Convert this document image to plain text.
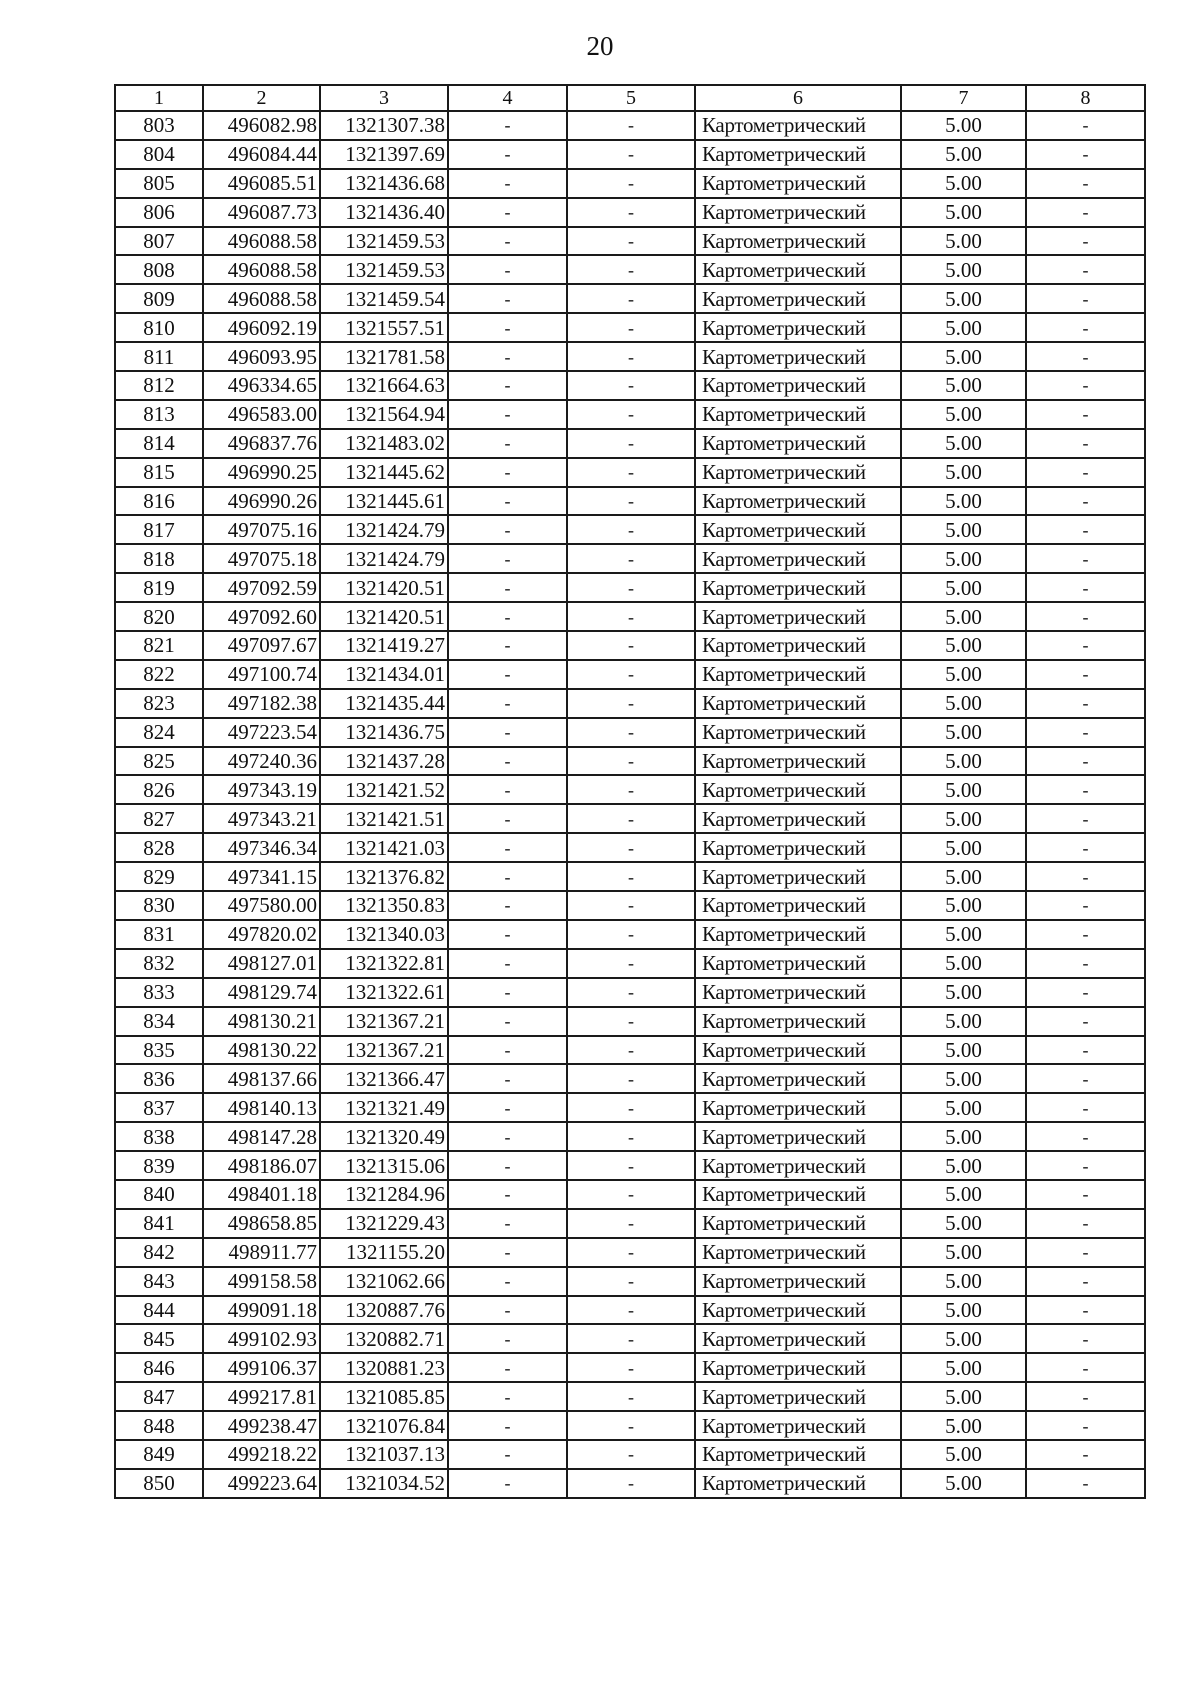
20
1	2	3	4	5	6	7	8
803	496082.98	1321307.38	-	-	Картометрический	5.00	-
804	496084.44	1321397.69	-	-	Картометрический	5.00	-
805	496085.51	1321436.68	-	-	Картометрический	5.00	-
806	496087.73	1321436.40	-	-	Картометрический	5.00	-
807	496088.58	1321459.53	-	-	Картометрический	5.00	-
808	496088.58	1321459.53	-	-	Картометрический	5.00	-
809	496088.58	1321459.54	-	-	Картометрический	5.00	-
810	496092.19	1321557.51	-	-	Картометрический	5.00	-
811	496093.95	1321781.58	-	-	Картометрический	5.00	-
812	496334.65	1321664.63	-	-	Картометрический	5.00	-
813	496583.00	1321564.94	-	-	Картометрический	5.00	-
814	496837.76	1321483.02	-	-	Картометрический	5.00	-
815	496990.25	1321445.62	-	-	Картометрический	5.00	-
816	496990.26	1321445.61	-	-	Картометрический	5.00	-
817	497075.16	1321424.79	-	-	Картометрический	5.00	-
818	497075.18	1321424.79	-	-	Картометрический	5.00	-
819	497092.59	1321420.51	-	-	Картометрический	5.00	-
820	497092.60	1321420.51	-	-	Картометрический	5.00	-
821	497097.67	1321419.27	-	-	Картометрический	5.00	-
822	497100.74	1321434.01	-	-	Картометрический	5.00	-
823	497182.38	1321435.44	-	-	Картометрический	5.00	-
824	497223.54	1321436.75	-	-	Картометрический	5.00	-
825	497240.36	1321437.28	-	-	Картометрический	5.00	-
826	497343.19	1321421.52	-	-	Картометрический	5.00	-
827	497343.21	1321421.51	-	-	Картометрический	5.00	-
828	497346.34	1321421.03	-	-	Картометрический	5.00	-
829	497341.15	1321376.82	-	-	Картометрический	5.00	-
830	497580.00	1321350.83	-	-	Картометрический	5.00	-
831	497820.02	1321340.03	-	-	Картометрический	5.00	-
832	498127.01	1321322.81	-	-	Картометрический	5.00	-
833	498129.74	1321322.61	-	-	Картометрический	5.00	-
834	498130.21	1321367.21	-	-	Картометрический	5.00	-
835	498130.22	1321367.21	-	-	Картометрический	5.00	-
836	498137.66	1321366.47	-	-	Картометрический	5.00	-
837	498140.13	1321321.49	-	-	Картометрический	5.00	-
838	498147.28	1321320.49	-	-	Картометрический	5.00	-
839	498186.07	1321315.06	-	-	Картометрический	5.00	-
840	498401.18	1321284.96	-	-	Картометрический	5.00	-
841	498658.85	1321229.43	-	-	Картометрический	5.00	-
842	498911.77	1321155.20	-	-	Картометрический	5.00	-
843	499158.58	1321062.66	-	-	Картометрический	5.00	-
844	499091.18	1320887.76	-	-	Картометрический	5.00	-
845	499102.93	1320882.71	-	-	Картометрический	5.00	-
846	499106.37	1320881.23	-	-	Картометрический	5.00	-
847	499217.81	1321085.85	-	-	Картометрический	5.00	-
848	499238.47	1321076.84	-	-	Картометрический	5.00	-
849	499218.22	1321037.13	-	-	Картометрический	5.00	-
850	499223.64	1321034.52	-	-	Картометрический	5.00	-
